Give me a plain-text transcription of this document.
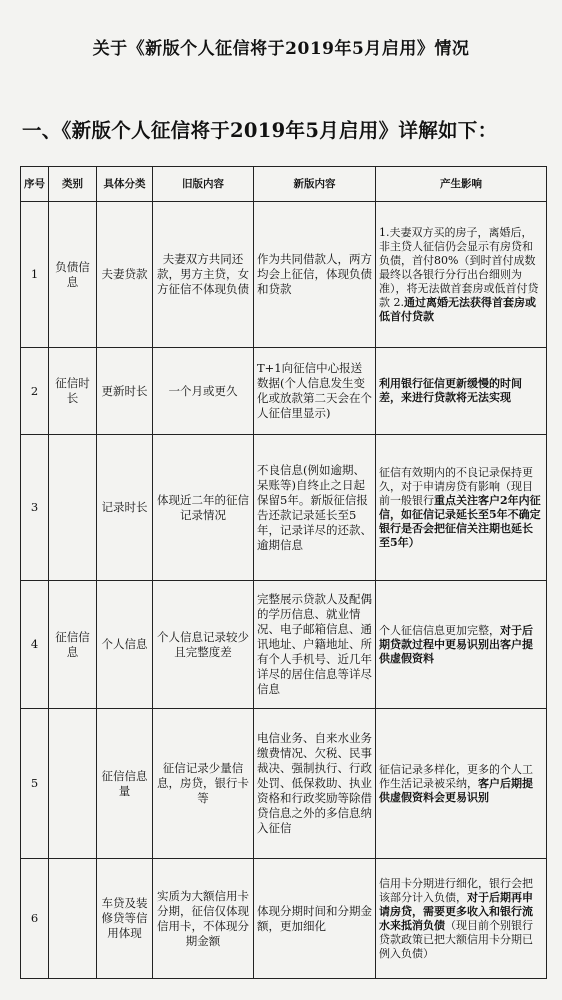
关于《新版个人征信将于2019年5月启用》情况
一、《新版个人征信将于2019年5月启用》详解如下：
序号	类别	具体分类	旧版内容	新版内容	产生影响
1	负债信息	夫妻贷款	夫妻双方共同还款，男方主贷，女方征信不体现负债	作为共同借款人，两方均会上征信，体现负债和贷款	1.夫妻双方买的房子，离婚后，非主贷人征信仍会显示有房贷和负债，首付80%（到时首付成数最终以各银行分行出台细则为准），将无法做首套房或低首付贷款 2.通过离婚无法获得首套房或低首付贷款
2	征信时长	更新时长	一个月或更久	T+1向征信中心报送数据(个人信息发生变化或放款第二天会在个人征信里显示)	利用银行征信更新缓慢的时间差，来进行贷款将无法实现
3		记录时长	体现近二年的征信记录情况	不良信息(例如逾期、呆账等)自终止之日起保留5年。新版征信报告还款记录延长至5年，记录详尽的还款、逾期信息	征信有效期内的不良记录保持更久，对于申请房贷有影响（现目前一般银行重点关注客户2年内征信，如征信记录延长至5年不确定银行是否会把征信关注期也延长至5年）
4	征信信息	个人信息	个人信息记录较少且完整度差	完整展示贷款人及配偶的学历信息、就业情况、电子邮箱信息、通讯地址、户籍地址、所有个人手机号、近几年详尽的居住信息等详尽信息	个人征信信息更加完整，对于后期贷款过程中更易识别出客户提供虚假资料
5		征信信息量	征信记录少量信息，房贷，银行卡等	电信业务、自来水业务缴费情况、欠税、民事裁决、强制执行、行政处罚、低保救助、执业资格和行政奖励等除借贷信息之外的多信息纳入征信	征信记录多样化，更多的个人工作生活记录被采纳，客户后期提供虚假资料会更易识别
6		车贷及装修贷等信用体现	实质为大额信用卡分期，征信仅体现信用卡，不体现分期金额	体现分期时间和分期金额，更加细化	信用卡分期进行细化，银行会把该部分计入负债，对于后期再申请房贷，需要更多收入和银行流水来抵消负债（现目前个别银行贷款政策已把大额信用卡分期已例入负债）
